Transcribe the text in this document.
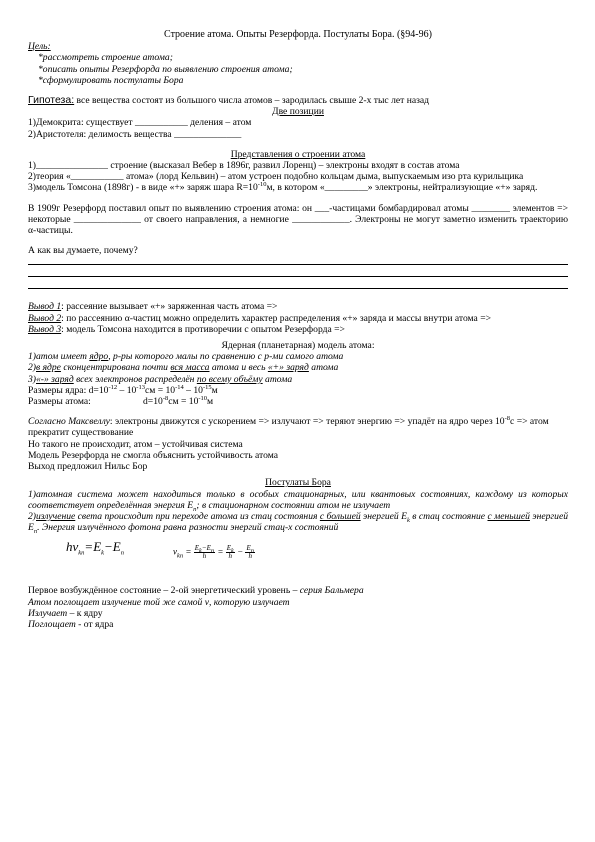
Строение атома. Опыты Резерфорда. Постулаты Бора. (§94-96)
Цель:
*рассмотреть строение атома;
*описать опыты Резерфорда по выявлению строения атома;
*сформулировать постулаты Бора
Гипотеза: все вещества состоят из большого числа атомов – зародилась свыше 2-х тыс лет назад
Две позиции
1)Демокрита: существует ___________ деления – атом
2)Аристотеля: делимость вещества ______________
Представления о строении атома
1)_______________ строение (высказал Вебер в 1896г, развил Лоренц) – электроны входят в состав атома
2)теория «___________ атома» (лорд Кельвин) – атом устроен подобно кольцам дыма, выпускаемым изо рта курильщика
3)модель Томсона (1898г) - в виде «+» заряж шара $R=10^{-10}м$, в котором «_________» электроны, нейтрализующие «+» заряд.
В 1909г Резерфорд поставил опыт по выявлению строения атома: он ___-частицами бомбардировал атомы ________ элементов => некоторые ______________ от своего направления, а немногие ____________. Электроны не могут заметно изменить траекторию α-частицы.
А как вы думаете, почему?
Вывод 1: рассеяние вызывает «+» заряженная часть атома =>
Вывод 2: по рассеянию α-частиц можно определить характер распределения «+» заряда и массы внутри атома =>
Вывод 3: модель Томсона находится в противоречии с опытом Резерфорда =>
Ядерная (планетарная) модель атома:
1)атом имеет ядро, р-ры которого малы по сравнению с р-ми самого атома
2)в ядре сконцентрирована почти вся масса атома и весь «+» заряд атома
3)«-» заряд всех электронов распределён по всему объёму атома
Размеры ядра: $d=10^{-12} - 10^{-13}см = 10^{-14} - 10^{-15}м$
Размеры атома:	$d=10^{-8}см = 10^{-10}м$
Согласно Максвеллу: электроны движутся с ускорением => излучают => теряют энергию => упадёт на ядро через $10^{-8}с$ => атом прекратит существование
Но такого не происходит, атом – устойчивая система
Модель Резерфорда не смогла объяснить устойчивость атома
Выход предложил Нильс Бор
Постулаты Бора
1)атомная система может находиться только в особых стационарных, или квантовых состояниях, каждому из которых соответствует определённая энергия $E_n$; в стационарном состоянии атом не излучает
2)излучение света происходит при переходе атома из стац состояния с большей энергией $E_k$ в стац состояние с меньшей энергией $E_n$. Энергия излучённого фотона равна разности энергий стац-х состояний
$h\nu_{kn}=E_k-E_n$	$\nu_{kn} = \frac{E_k-E_n}{h} = \frac{E_k}{h} - \frac{E_n}{h}$
Первое возбуждённое состояние – 2-ой энергетический уровень – серия Бальмера
Атом поглощает излучение той же самой ν, которую излучает
Излучает – к ядру
Поглощает - от ядра
